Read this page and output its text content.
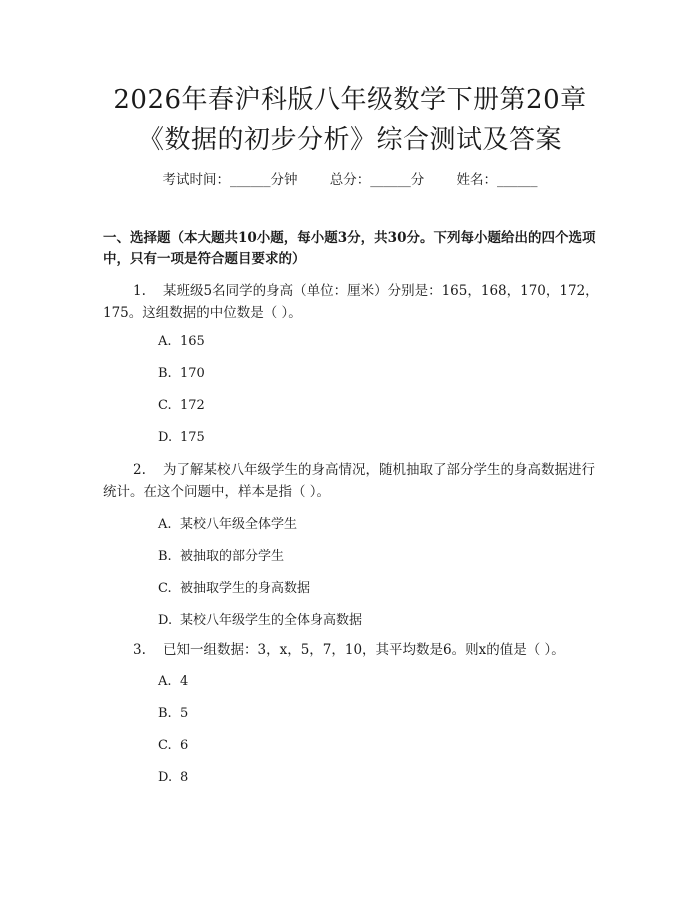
2026年春沪科版八年级数学下册第20章
《数据的初步分析》综合测试及答案
考试时间：______分钟 总分：______分 姓名：______
一、选择题（本大题共10小题，每小题3分，共30分。下列每小题给出的四个选项中，只有一项是符合题目要求的）
1. 某班级5名同学的身高（单位：厘米）分别是：165，168，170，172，175。这组数据的中位数是（ ）。
A. 165
B. 170
C. 172
D. 175
2. 为了解某校八年级学生的身高情况，随机抽取了部分学生的身高数据进行统计。在这个问题中，样本是指（ ）。
A. 某校八年级全体学生
B. 被抽取的部分学生
C. 被抽取学生的身高数据
D. 某校八年级学生的全体身高数据
3. 已知一组数据：3，x，5，7，10，其平均数是6。则x的值是（ ）。
A. 4
B. 5
C. 6
D. 8
